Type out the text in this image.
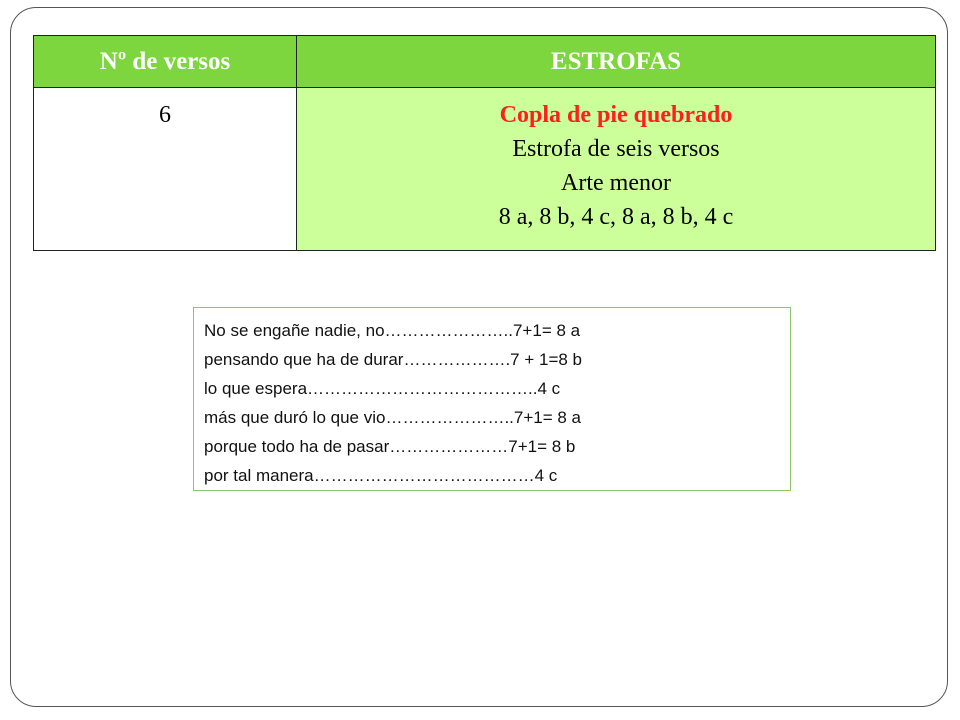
Nº de versos	ESTROFAS
6	Copla de pie quebrado
Estrofa de seis versos
Arte menor
8 a, 8 b, 4 c, 8 a, 8 b, 4 c
No se engañe nadie, no…………………..7+1= 8 a
pensando que ha de durar……………….7 + 1=8 b
lo que espera…………………………………..4 c
más que duró lo que vio…………………..7+1= 8 a
porque todo ha de pasar…………………7+1= 8 b
por tal manera…………………………………4 c
